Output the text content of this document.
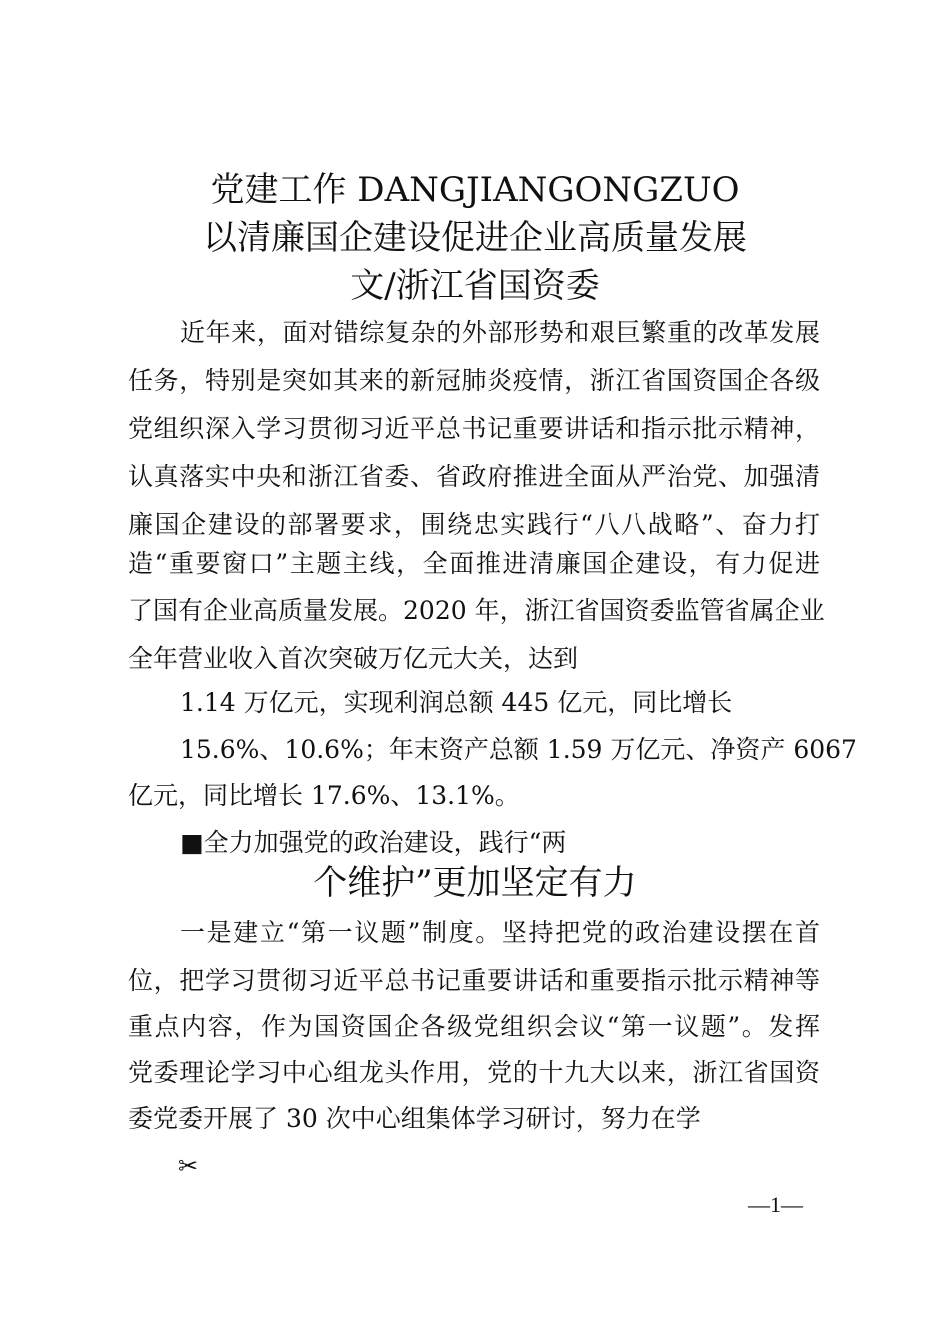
党建工作 DANGJIANGONGZUO
以清廉国企建设促进企业高质量发展
文/浙江省国资委
近年来，面对错综复杂的外部形势和艰巨繁重的改革发展
任务，特别是突如其来的新冠肺炎疫情，浙江省国资国企各级
党组织深入学习贯彻习近平总书记重要讲话和指示批示精神，
认真落实中央和浙江省委、省政府推进全面从严治党、加强清
廉国企建设的部署要求，围绕忠实践行“八八战略”、奋力打
造“重要窗口”主题主线，全面推进清廉国企建设，有力促进
了国有企业高质量发展。2020 年，浙江省国资委监管省属企业
全年营业收入首次突破万亿元大关，达到
1.14 万亿元，实现利润总额 445 亿元，同比增长
15.6%、10.6%；年末资产总额 1.59 万亿元、净资产 6067
亿元，同比增长 17.6%、13.1%。
■全力加强党的政治建设，践行“两
个维护”更加坚定有力
一是建立“第一议题”制度。坚持把党的政治建设摆在首
位，把学习贯彻习近平总书记重要讲话和重要指示批示精神等
重点内容，作为国资国企各级党组织会议“第一议题”。发挥
党委理论学习中心组龙头作用，党的十九大以来，浙江省国资
委党委开展了 30 次中心组集体学习研讨，努力在学
✂
—1—
